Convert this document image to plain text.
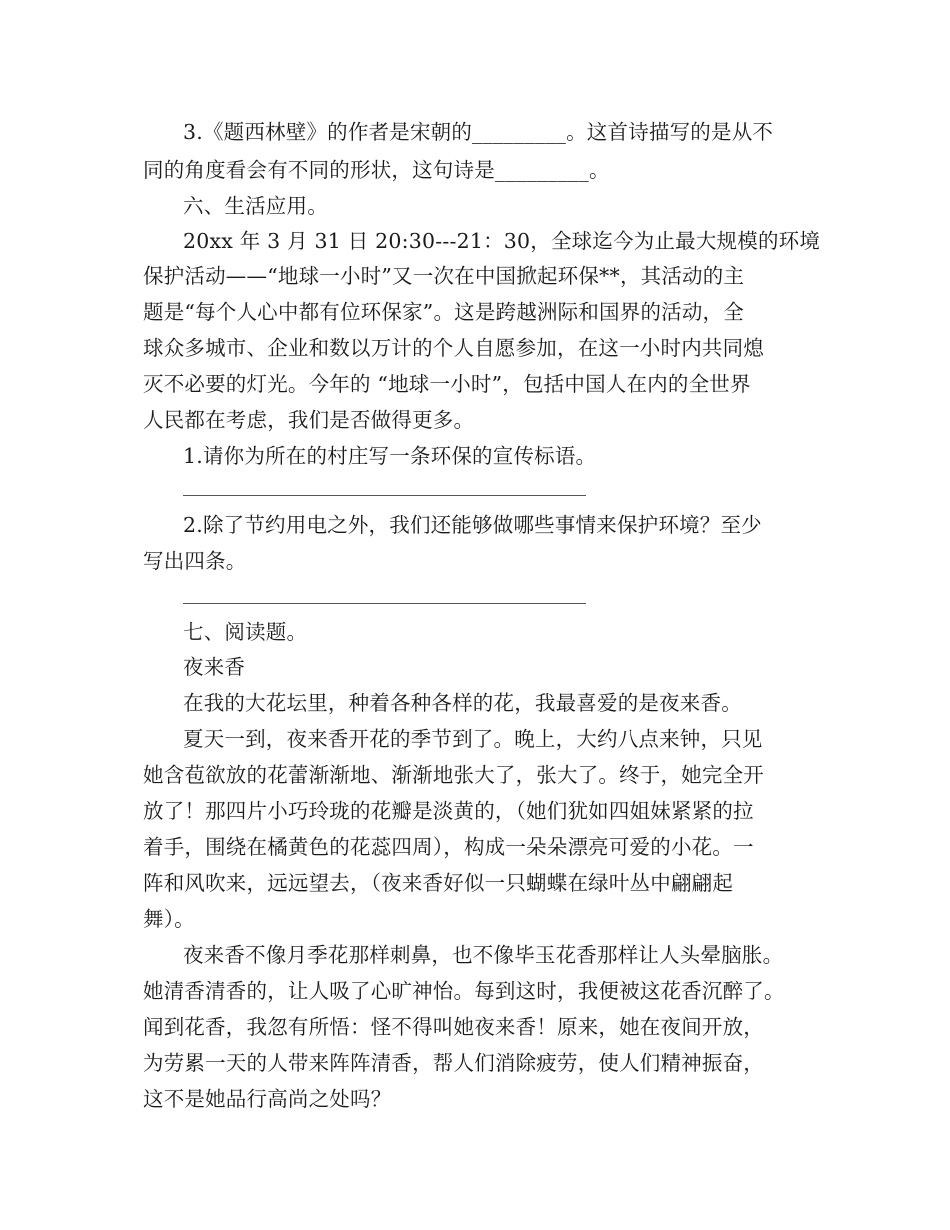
3.《题西林壁》的作者是宋朝的_________。这首诗描写的是从不
同的角度看会有不同的形状，这句诗是_________。
六、生活应用。
20xx 年 3 月 31 日 20:30---21：30，全球迄今为止最大规模的环境
保护活动——“地球一小时”又一次在中国掀起环保**，其活动的主
题是“每个人心中都有位环保家”。这是跨越洲际和国界的活动，全
球众多城市、企业和数以万计的个人自愿参加，在这一小时内共同熄
灭不必要的灯光。今年的 “地球一小时”，包括中国人在内的全世界
人民都在考虑，我们是否做得更多。
1.请你为所在的村庄写一条环保的宣传标语。
2.除了节约用电之外，我们还能够做哪些事情来保护环境？至少
写出四条。
七、阅读题。
夜来香
在我的大花坛里，种着各种各样的花，我最喜爱的是夜来香。
夏天一到，夜来香开花的季节到了。晚上，大约八点来钟，只见
她含苞欲放的花蕾渐渐地、渐渐地张大了，张大了。终于，她完全开
放了！那四片小巧玲珑的花瓣是淡黄的，（她们犹如四姐妹紧紧的拉
着手，围绕在橘黄色的花蕊四周），构成一朵朵漂亮可爱的小花。一
阵和风吹来，远远望去，（夜来香好似一只蝴蝶在绿叶丛中翩翩起
舞）。
夜来香不像月季花那样刺鼻，也不像毕玉花香那样让人头晕脑胀。
她清香清香的，让人吸了心旷神怡。每到这时，我便被这花香沉醉了。
闻到花香，我忽有所悟：怪不得叫她夜来香！原来，她在夜间开放，
为劳累一天的人带来阵阵清香，帮人们消除疲劳，使人们精神振奋，
这不是她品行高尚之处吗？
